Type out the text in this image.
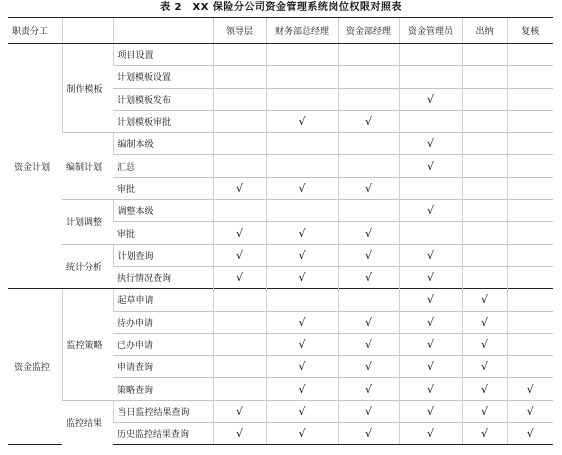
表 2　XX 保险分公司资金管理系统岗位权限对照表
职责分工			领导层	财务部总经理	资金部经理	资金管理员	出纳	复核
资金计划	制作模板	项目设置						
		计划模板设置						
		计划模板发布				√		
		计划模板审批		√	√			
	编制计划	编制本级				√		
		汇总				√		
		审批	√	√	√			
	计划调整	调整本级				√		
		审批	√	√	√			
	统计分析	计划查询	√	√	√	√		
		执行情况查询	√	√	√	√		
资金监控	监控策略	起草申请				√	√	
		待办申请		√	√	√	√	
		已办申请		√	√	√	√	
		申请查询		√	√	√	√	
		策略查询		√	√	√	√	√
	监控结果	当日监控结果查询	√	√	√	√	√	√
		历史监控结果查询	√	√	√	√	√	√
